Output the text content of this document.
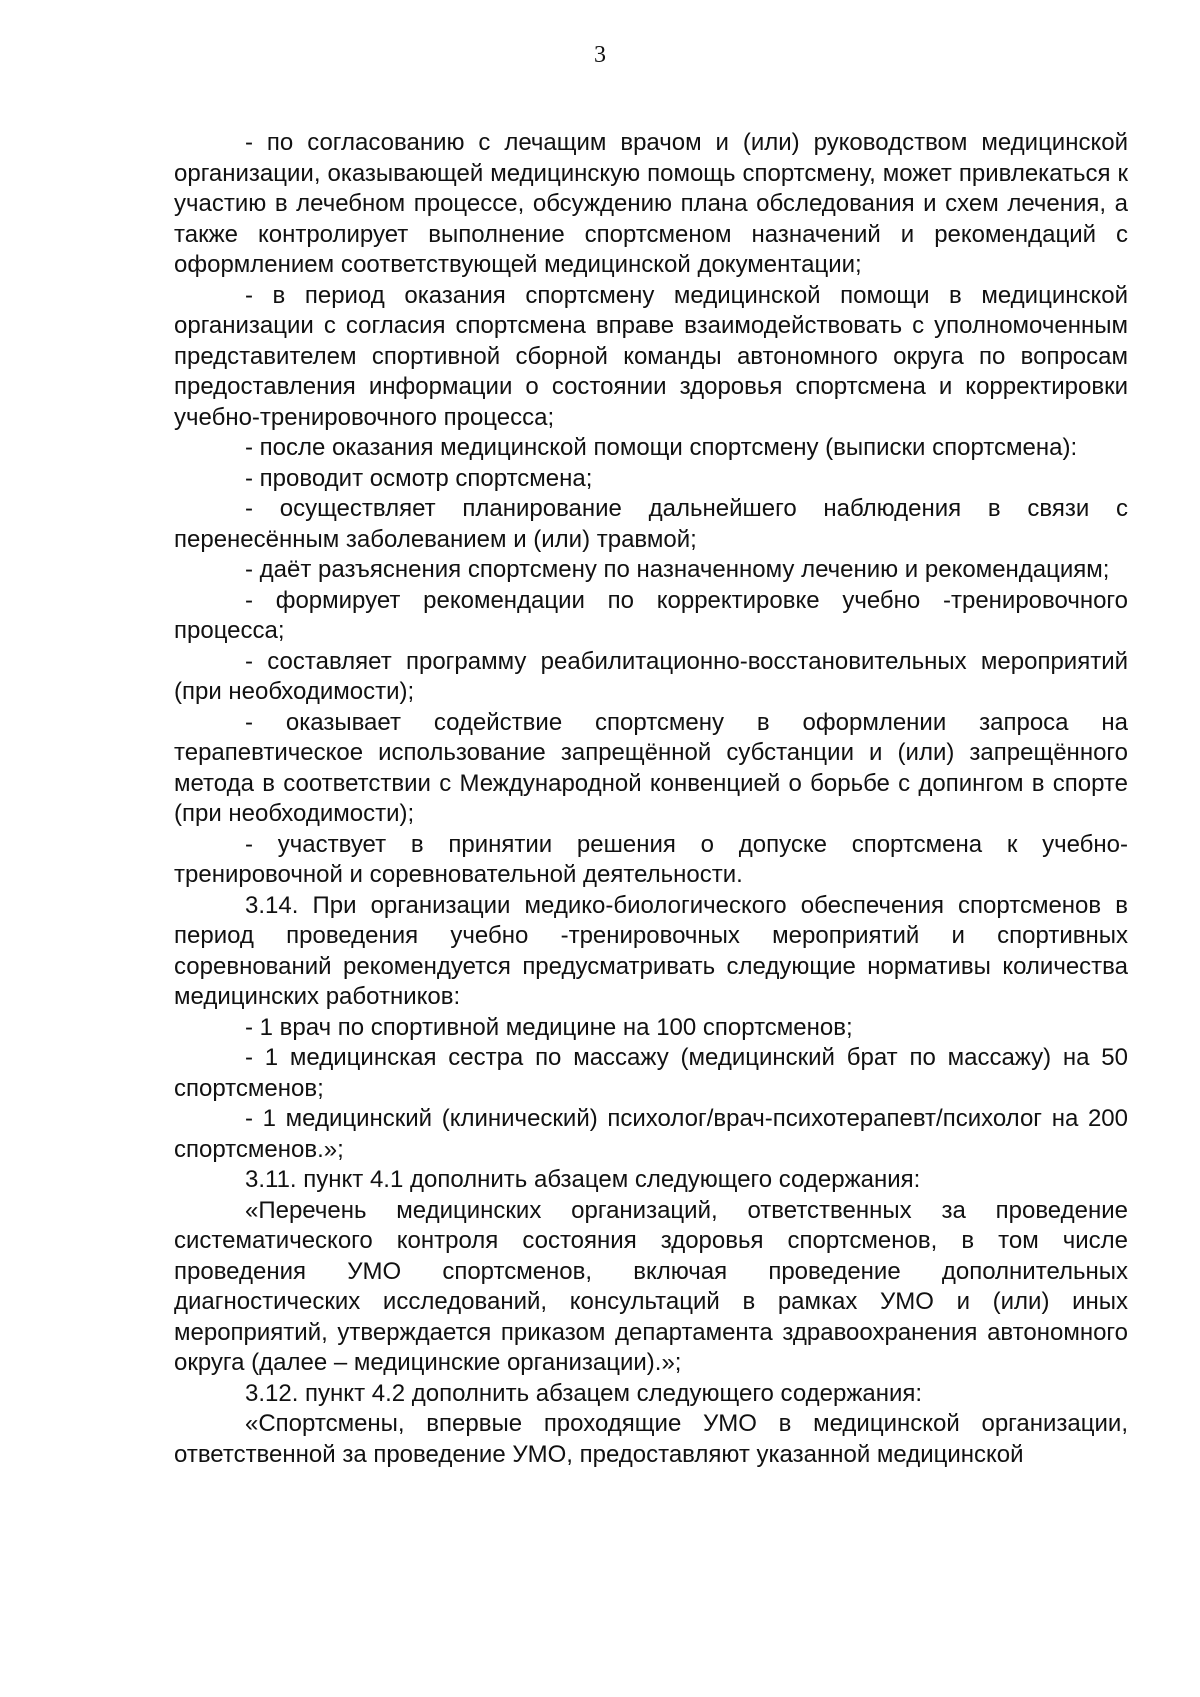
3

- по согласованию с лечащим врачом и (или) руководством медицинской организации, оказывающей медицинскую помощь спортсмену, может привлекаться к участию в лечебном процессе, обсуждению плана обследования и схем лечения, а также контролирует выполнение спортсменом назначений и рекомендаций с оформлением соответствующей медицинской документации;

- в период оказания спортсмену медицинской помощи в медицинской организации с согласия спортсмена вправе взаимодействовать с уполномоченным представителем спортивной сборной команды автономного округа по вопросам предоставления информации о состоянии здоровья спортсмена и корректировки учебно-тренировочного процесса;

- после оказания медицинской помощи спортсмену (выписки спортсмена):

- проводит осмотр спортсмена;

- осуществляет планирование дальнейшего наблюдения в связи с перенесённым заболеванием и (или) травмой;

- даёт разъяснения спортсмену по назначенному лечению и рекомендациям;

- формирует рекомендации по корректировке учебно -тренировочного процесса;

- составляет программу реабилитационно-восстановительных мероприятий (при необходимости);

- оказывает содействие спортсмену в оформлении запроса на терапевтическое использование запрещённой субстанции и (или) запрещённого метода в соответствии с Международной конвенцией о борьбе с допингом в спорте (при необходимости);

- участвует в принятии решения о допуске спортсмена к учебно-тренировочной и соревновательной деятельности.

3.14. При организации медико-биологического обеспечения спортсменов в период проведения учебно -тренировочных мероприятий и спортивных соревнований рекомендуется предусматривать следующие нормативы количества медицинских работников:

- 1 врач по спортивной медицине на 100 спортсменов;

- 1 медицинская сестра по массажу (медицинский брат по массажу) на 50 спортсменов;

- 1 медицинский (клинический) психолог/врач-психотерапевт/психолог на 200 спортсменов.»;

3.11. пункт 4.1 дополнить абзацем следующего содержания:

«Перечень медицинских организаций, ответственных за проведение систематического контроля состояния здоровья спортсменов, в том числе проведения УМО спортсменов, включая проведение дополнительных диагностических исследований, консультаций в рамках УМО и (или) иных мероприятий, утверждается приказом департамента здравоохранения автономного округа (далее – медицинские организации).»;

3.12. пункт 4.2 дополнить абзацем следующего содержания:

«Спортсмены, впервые проходящие УМО в медицинской организации, ответственной за проведение УМО, предоставляют указанной медицинской
